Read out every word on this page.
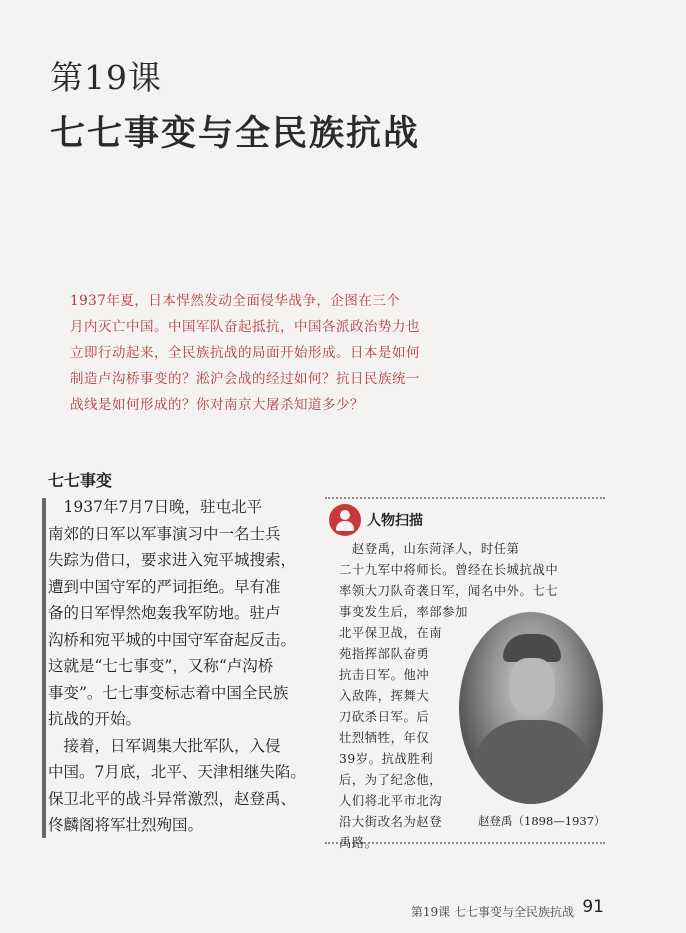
第19课
七七事变与全民族抗战
1937年夏，日本悍然发动全面侵华战争，企图在三个
月内灭亡中国。中国军队奋起抵抗，中国各派政治势力也
立即行动起来，全民族抗战的局面开始形成。日本是如何
制造卢沟桥事变的？淞沪会战的经过如何？抗日民族统一
战线是如何形成的？你对南京大屠杀知道多少？
七七事变
　1937年7月7日晚，驻屯北平
南郊的日军以军事演习中一名士兵
失踪为借口，要求进入宛平城搜索，
遭到中国守军的严词拒绝。早有准
备的日军悍然炮轰我军防地。驻卢
沟桥和宛平城的中国守军奋起反击。
这就是“七七事变”，又称“卢沟桥
事变”。七七事变标志着中国全民族
抗战的开始。
　接着，日军调集大批军队，入侵
中国。7月底，北平、天津相继失陷。
保卫北平的战斗异常激烈，赵登禹、
佟麟阁将军壮烈殉国。
人物扫描
　赵登禹，山东菏泽人，时任第
二十九军中将师长。曾经在长城抗战中
率领大刀队奇袭日军，闻名中外。七七
事变发生后，率部参加
北平保卫战，在南
苑指挥部队奋勇
抗击日军。他冲
入敌阵，挥舞大
刀砍杀日军。后
壮烈牺牲，年仅
39岁。抗战胜利
后，为了纪念他，
人们将北平市北沟
沿大街改名为赵登
禹路。
赵登禹（1898—1937）
第19课 七七事变与全民族抗战 91
